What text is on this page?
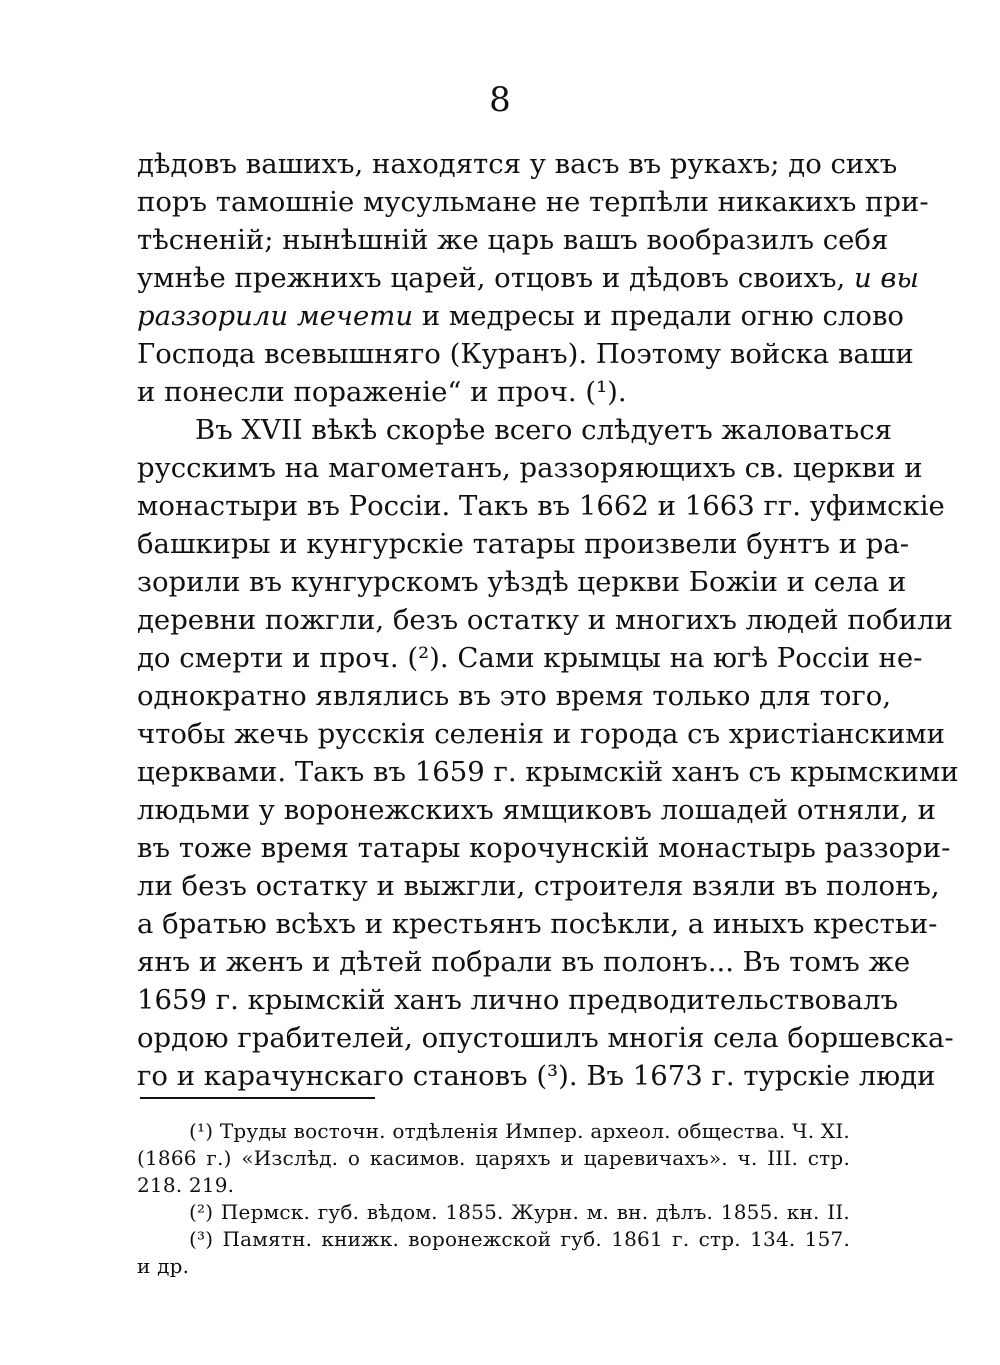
8
дѣдовъ вашихъ, находятся у васъ въ рукахъ; до сихъ
поръ тамошніе мусульмане не терпѣли никакихъ при-
тѣсненій; нынѣшній же царь вашъ вообразилъ себя
умнѣе прежнихъ царей, отцовъ и дѣдовъ своихъ, и вы
раззорили мечети и медресы и предали огню слово
Господа всевышняго (Куранъ). Поэтому войска ваши
и понесли пораженіе“ и проч. (¹).
Въ XVII вѣкѣ скорѣе всего слѣдуетъ жаловаться
русскимъ на магометанъ, раззоряющихъ св. церкви и
монастыри въ Россіи. Такъ въ 1662 и 1663 гг. уфимскіе
башкиры и кунгурскіе татары произвели бунтъ и ра-
зорили въ кунгурскомъ уѣздѣ церкви Божіи и села и
деревни пожгли, безъ остатку и многихъ людей побили
до смерти и проч. (²). Сами крымцы на югѣ Россіи не-
однократно являлись въ это время только для того,
чтобы жечь русскія селенія и города съ христіанскими
церквами. Такъ въ 1659 г. крымскій ханъ съ крымскими
людьми у воронежскихъ ямщиковъ лошадей отняли, и
въ тоже время татары корочунскій монастырь раззори-
ли безъ остатку и выжгли, строителя взяли въ полонъ,
а братью всѣхъ и крестьянъ посѣкли, а иныхъ крестьи-
янъ и женъ и дѣтей побрали въ полонъ... Въ томъ же
1659 г. крымскій ханъ лично предводительствовалъ
ордою грабителей, опустошилъ многія села боршевска-
го и карачунскаго становъ (³). Въ 1673 г. турскіе люди
(¹) Труды восточн. отдѣленія Импер. археол. общества. Ч. XI.
(1866 г.) «Изслѣд. о касимов. царяхъ и царевичахъ». ч. III. стр.
218. 219.
(²) Пермск. губ. вѣдом. 1855. Журн. м. вн. дѣлъ. 1855. кн. II.
(³) Памятн. книжк. воронежской губ. 1861 г. стр. 134. 157.
и др.
